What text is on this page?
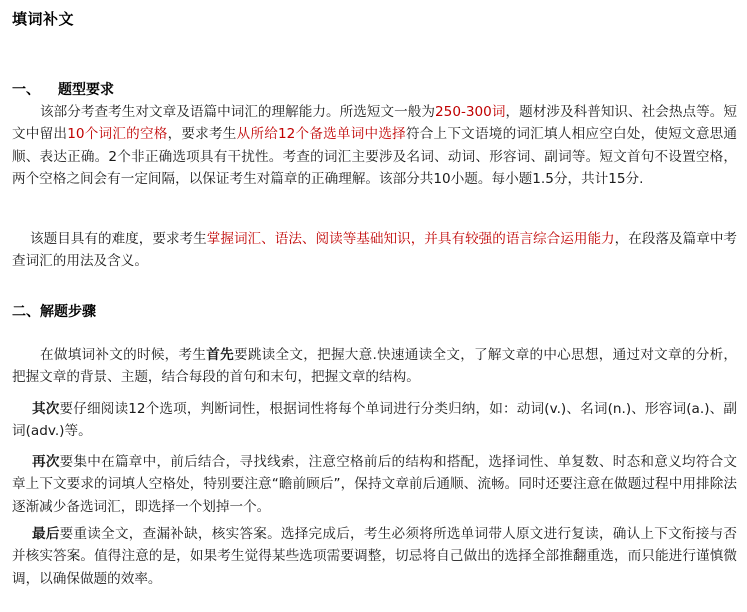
填词补文
一、 题型要求

该部分考查考生对文章及语篇中词汇的理解能力。所选短文一般为250-300词，题材涉及科普知识、社会热点等。短文中留出10个词汇的空格，要求考生从所给12个备选单词中选择符合上下文语境的词汇填人相应空白处，使短文意思通顺、表达正确。2个非正确选项具有干扰性。考查的词汇主要涉及名词、动词、形容词、副词等。短文首句不设置空格，两个空格之间会有一定间隔，以保证考生对篇章的正确理解。该部分共10小题。每小题1.5分，共计15分.

该题目具有的难度，要求考生掌握词汇、语法、阅读等基础知识，并具有较强的语言综合运用能力，在段落及篇章中考查词汇的用法及含义。

二、解题步骤

在做填词补文的时候，考生首先要跳读全文，把握大意.快速通读全文，了解文章的中心思想，通过对文章的分析，把握文章的背景、主题，结合每段的首句和末句，把握文章的结构。

其次要仔细阅读12个选项，判断词性，根据词性将每个单词进行分类归纳，如：动词(v.)、名词(n.)、形容词(a.)、副词(adv.)等。

再次要集中在篇章中，前后结合，寻找线索，注意空格前后的结构和搭配，选择词性、单复数、时态和意义均符合文章上下文要求的词填人空格处，特别要注意“瞻前顾后”，保持文章前后通顺、流畅。同时还要注意在做题过程中用排除法逐渐减少备选词汇，即选择一个划掉一个。

最后要重读全文，查漏补缺，核实答案。选择完成后，考生必须将所选单词带人原文进行复读，确认上下文衔接与否并核实答案。值得注意的是，如果考生觉得某些选项需要调整，切忌将自己做出的选择全部推翻重选，而只能进行谨慎微调，以确保做题的效率。
